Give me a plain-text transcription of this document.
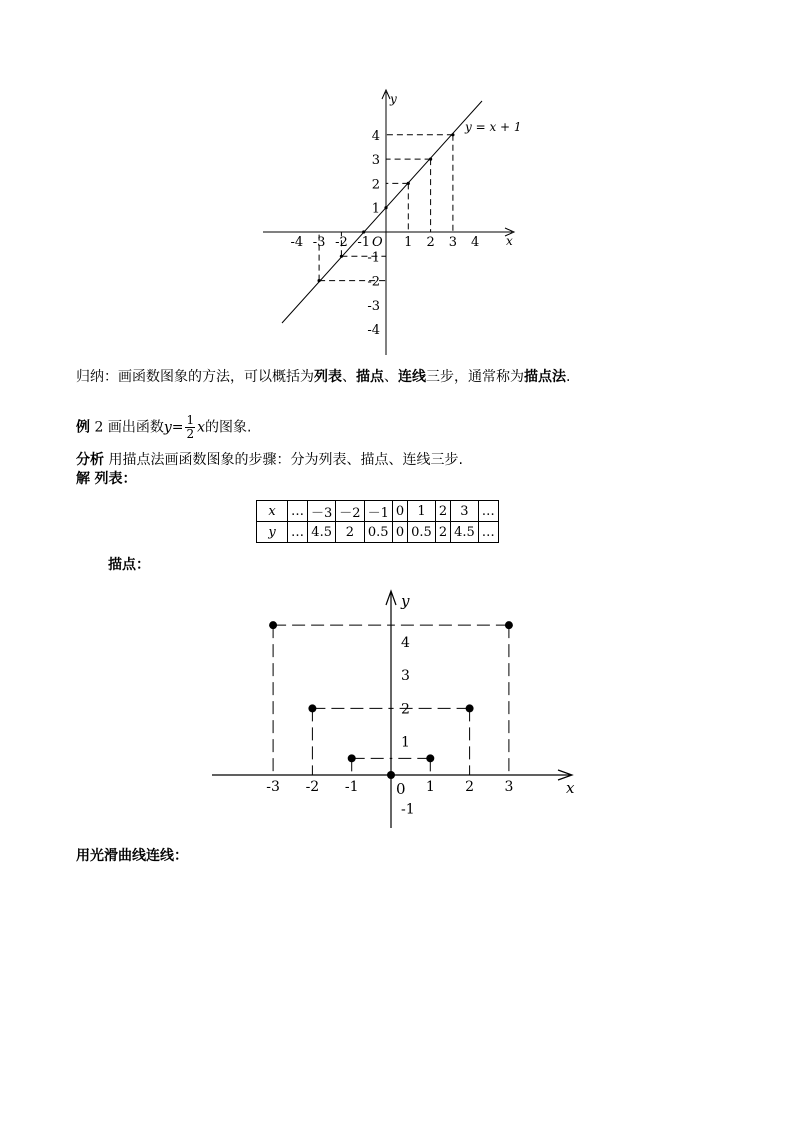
-4 -3 -2 -1	1 2 3 4
4
3
2
1
-1
-2
-3
-4
x
y
O
y = x + 1
归纳：画函数图象的方法，可以概括为列表、描点、连线三步，通常称为描点法.
例 2 画出函数$y= \frac{1}{2}$ x的图象.
分析 用描点法画函数图象的步骤：分为列表、描点、连线三步.
解 列表：
x	…	－3	－2	－1	0	1	2	3	…
y	…	4.5	2	0.5	0	0.5	2	4.5	…
描点：
-3 -2 -1	1 2 3
4
3
2
1
-1
x
y
0
用光滑曲线连线：
